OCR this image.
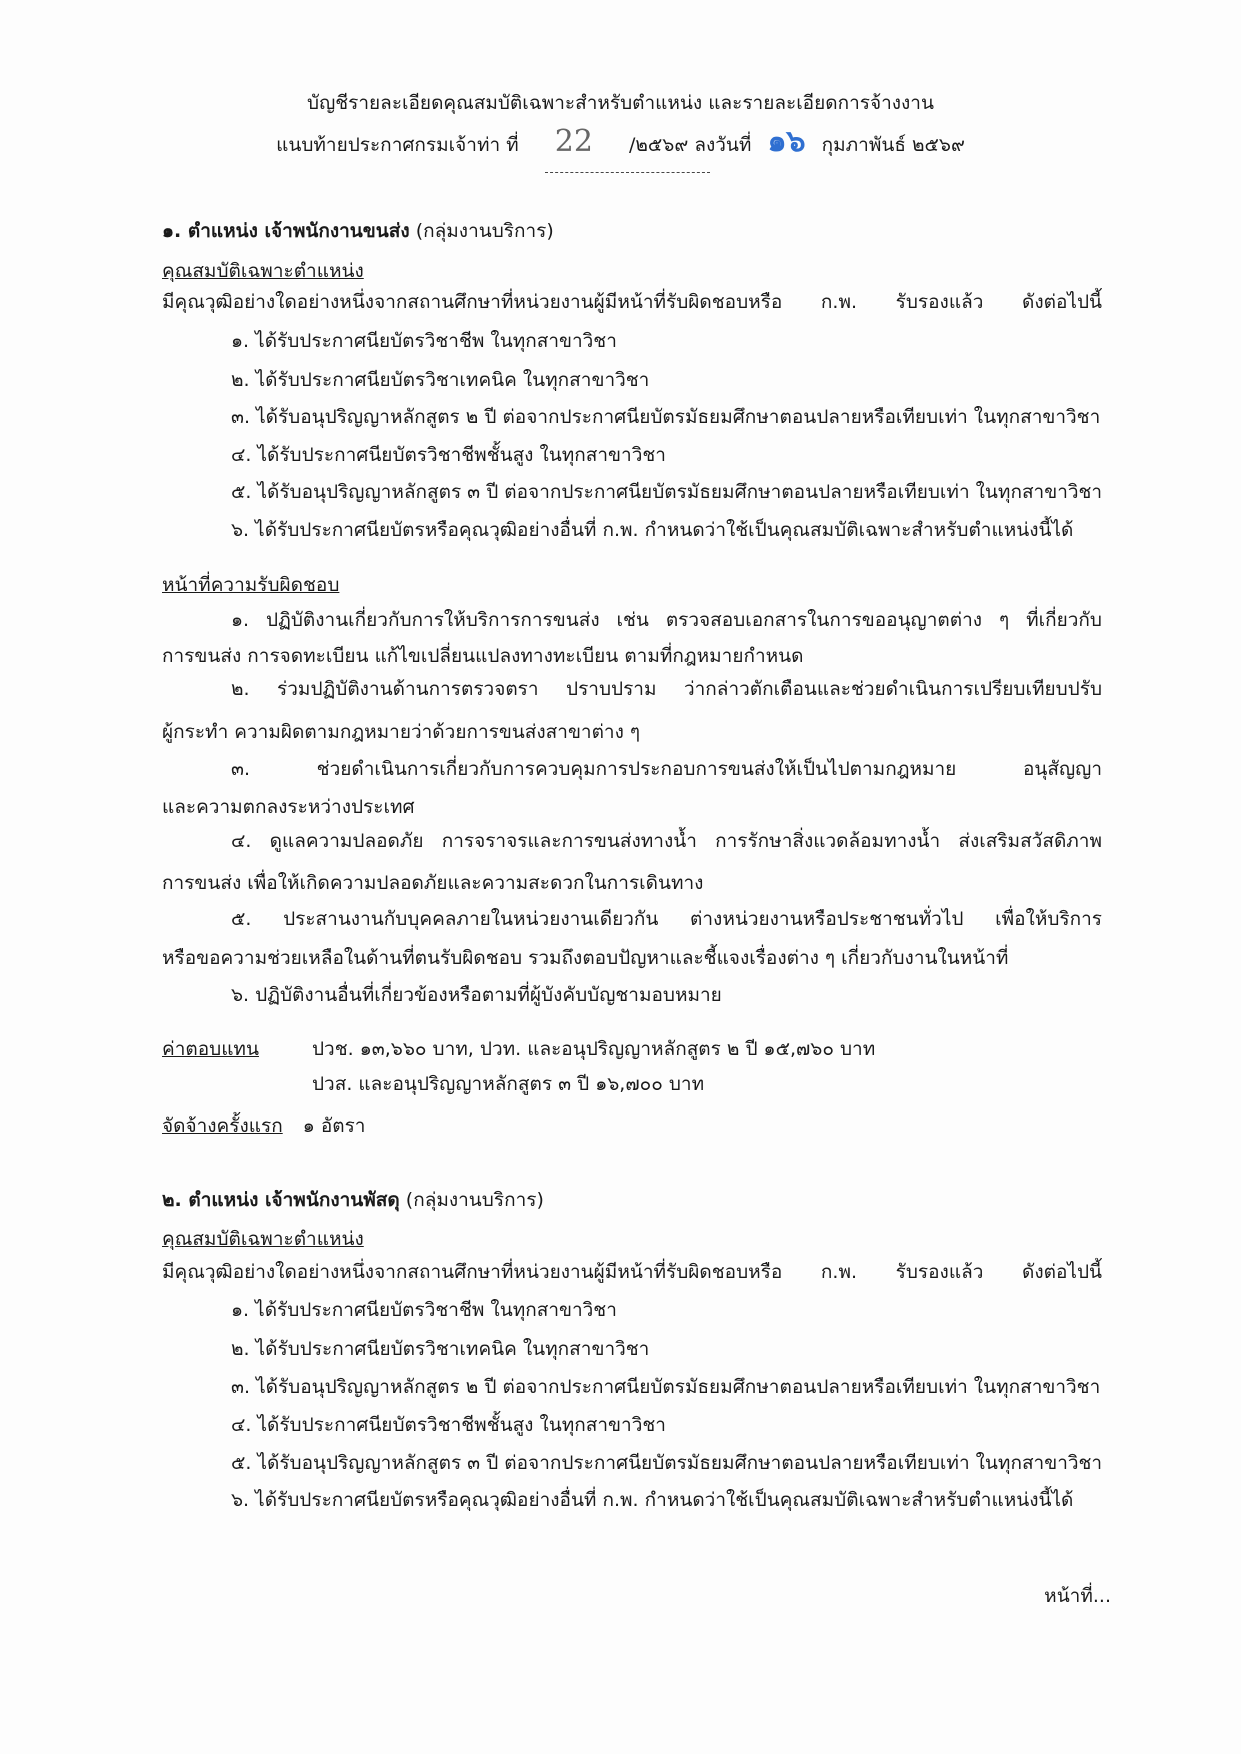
บัญชีรายละเอียดคุณสมบัติเฉพาะสำหรับตำแหน่ง และรายละเอียดการจ้างงาน
แนบท้ายประกาศกรมเจ้าท่า ที่ 22 /๒๕๖๙ ลงวันที่ ๑๖ กุมภาพันธ์ ๒๕๖๙
๑. ตำแหน่ง เจ้าพนักงานขนส่ง (กลุ่มงานบริการ)
คุณสมบัติเฉพาะตำแหน่ง
มีคุณวุฒิอย่างใดอย่างหนึ่งจากสถานศึกษาที่หน่วยงานผู้มีหน้าที่รับผิดชอบหรือ ก.พ. รับรองแล้ว ดังต่อไปนี้
๑. ได้รับประกาศนียบัตรวิชาชีพ ในทุกสาขาวิชา
๒. ได้รับประกาศนียบัตรวิชาเทคนิค ในทุกสาขาวิชา
๓. ได้รับอนุปริญญาหลักสูตร ๒ ปี ต่อจากประกาศนียบัตรมัธยมศึกษาตอนปลายหรือเทียบเท่า ในทุกสาขาวิชา
๔. ได้รับประกาศนียบัตรวิชาชีพชั้นสูง ในทุกสาขาวิชา
๕. ได้รับอนุปริญญาหลักสูตร ๓ ปี ต่อจากประกาศนียบัตรมัธยมศึกษาตอนปลายหรือเทียบเท่า ในทุกสาขาวิชา
๖. ได้รับประกาศนียบัตรหรือคุณวุฒิอย่างอื่นที่ ก.พ. กำหนดว่าใช้เป็นคุณสมบัติเฉพาะสำหรับตำแหน่งนี้ได้
หน้าที่ความรับผิดชอบ
๑. ปฏิบัติงานเกี่ยวกับการให้บริการการขนส่ง เช่น ตรวจสอบเอกสารในการขออนุญาตต่าง ๆ ที่เกี่ยวกับ
การขนส่ง การจดทะเบียน แก้ไขเปลี่ยนแปลงทางทะเบียน ตามที่กฎหมายกำหนด
๒. ร่วมปฏิบัติงานด้านการตรวจตรา ปราบปราม ว่ากล่าวตักเตือนและช่วยดำเนินการเปรียบเทียบปรับ
ผู้กระทำ ความผิดตามกฎหมายว่าด้วยการขนส่งสาขาต่าง ๆ
๓. ช่วยดำเนินการเกี่ยวกับการควบคุมการประกอบการขนส่งให้เป็นไปตามกฎหมาย อนุสัญญา
และความตกลงระหว่างประเทศ
๔. ดูแลความปลอดภัย การจราจรและการขนส่งทางน้ำ การรักษาสิ่งแวดล้อมทางน้ำ ส่งเสริมสวัสดิภาพ
การขนส่ง เพื่อให้เกิดความปลอดภัยและความสะดวกในการเดินทาง
๕. ประสานงานกับบุคคลภายในหน่วยงานเดียวกัน ต่างหน่วยงานหรือประชาชนทั่วไป เพื่อให้บริการ
หรือขอความช่วยเหลือในด้านที่ตนรับผิดชอบ รวมถึงตอบปัญหาและชี้แจงเรื่องต่าง ๆ เกี่ยวกับงานในหน้าที่
๖. ปฏิบัติงานอื่นที่เกี่ยวข้องหรือตามที่ผู้บังคับบัญชามอบหมาย
ค่าตอบแทน	ปวช. ๑๓,๖๖๐ บาท, ปวท. และอนุปริญญาหลักสูตร ๒ ปี ๑๕,๗๖๐ บาท
ปวส. และอนุปริญญาหลักสูตร ๓ ปี ๑๖,๗๐๐ บาท
จัดจ้างครั้งแรก ๑ อัตรา
๒. ตำแหน่ง เจ้าพนักงานพัสดุ (กลุ่มงานบริการ)
คุณสมบัติเฉพาะตำแหน่ง
มีคุณวุฒิอย่างใดอย่างหนึ่งจากสถานศึกษาที่หน่วยงานผู้มีหน้าที่รับผิดชอบหรือ ก.พ. รับรองแล้ว ดังต่อไปนี้
๑. ได้รับประกาศนียบัตรวิชาชีพ ในทุกสาขาวิชา
๒. ได้รับประกาศนียบัตรวิชาเทคนิค ในทุกสาขาวิชา
๓. ได้รับอนุปริญญาหลักสูตร ๒ ปี ต่อจากประกาศนียบัตรมัธยมศึกษาตอนปลายหรือเทียบเท่า ในทุกสาขาวิชา
๔. ได้รับประกาศนียบัตรวิชาชีพชั้นสูง ในทุกสาขาวิชา
๕. ได้รับอนุปริญญาหลักสูตร ๓ ปี ต่อจากประกาศนียบัตรมัธยมศึกษาตอนปลายหรือเทียบเท่า ในทุกสาขาวิชา
๖. ได้รับประกาศนียบัตรหรือคุณวุฒิอย่างอื่นที่ ก.พ. กำหนดว่าใช้เป็นคุณสมบัติเฉพาะสำหรับตำแหน่งนี้ได้
หน้าที่...
